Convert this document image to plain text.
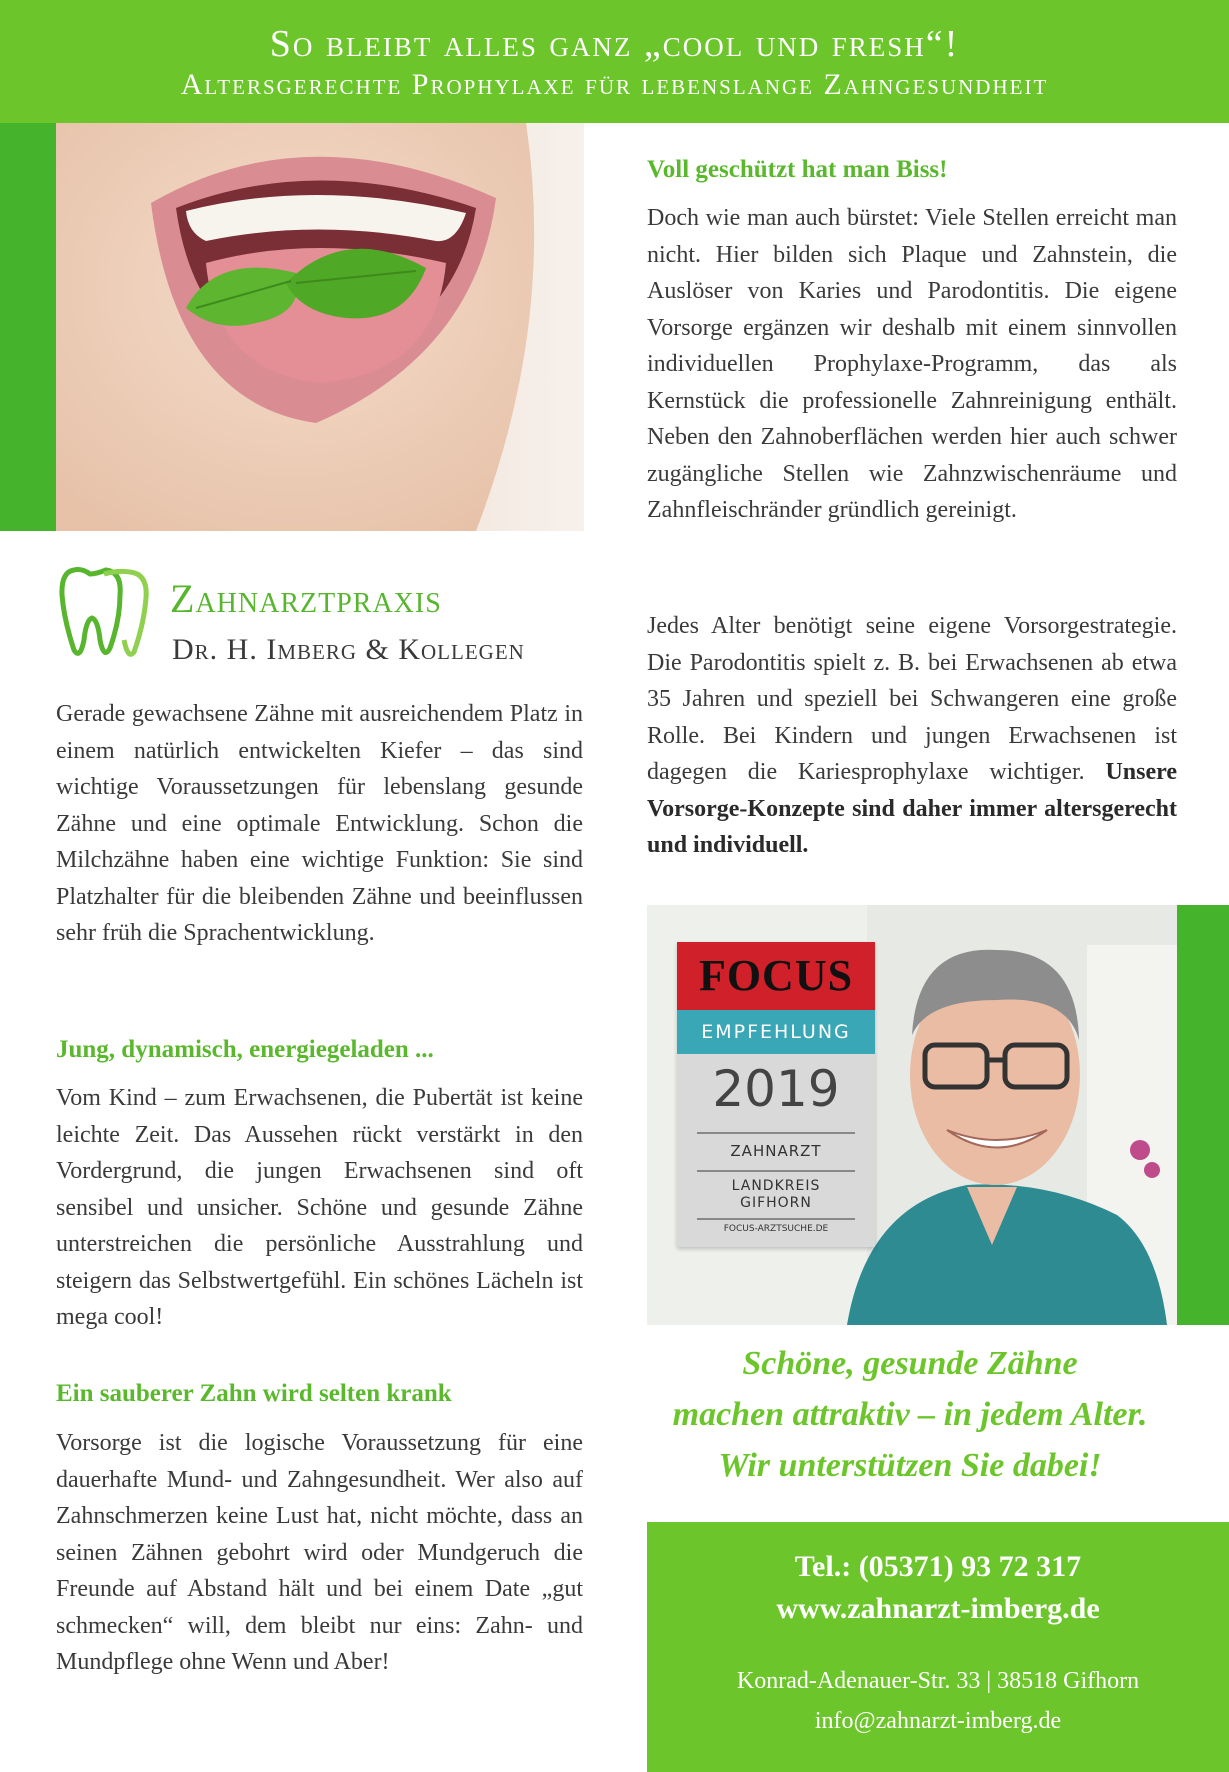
So bleibt alles ganz „cool und fresh“!
Altersgerechte Prophylaxe für lebenslange Zahngesundheit
Zahnarztpraxis
Dr. H. Imberg & Kollegen

Gerade gewachsene Zähne mit ausreichendem Platz in einem natürlich entwickelten Kiefer – das sind wichtige Voraussetzungen für lebenslang gesunde Zähne und eine optimale Entwicklung. Schon die Milchzähne haben eine wichtige Funktion: Sie sind Platzhalter für die bleibenden Zähne und beeinflussen sehr früh die Sprachentwicklung.

Jung, dynamisch, energiegeladen ...

Vom Kind – zum Erwachsenen, die Pubertät ist keine leichte Zeit. Das Aussehen rückt verstärkt in den Vordergrund, die jungen Erwachsenen sind oft sensibel und unsicher. Schöne und gesunde Zähne unterstreichen die persönliche Ausstrahlung und steigern das Selbstwertgefühl. Ein schönes Lächeln ist mega cool!

Ein sauberer Zahn wird selten krank

Vorsorge ist die logische Voraussetzung für eine dauerhafte Mund- und Zahngesundheit. Wer also auf Zahnschmerzen keine Lust hat, nicht möchte, dass an seinen Zähnen gebohrt wird oder Mundgeruch die Freunde auf Abstand hält und bei einem Date „gut schmecken“ will, dem bleibt nur eins: Zahn- und Mundpflege ohne Wenn und Aber!

Voll geschützt hat man Biss!

Doch wie man auch bürstet: Viele Stellen erreicht man nicht. Hier bilden sich Plaque und Zahnstein, die Auslöser von Karies und Parodontitis. Die eigene Vorsorge ergänzen wir deshalb mit einem sinnvollen individuellen Prophylaxe-Programm, das als Kernstück die professionelle Zahnreinigung enthält. Neben den Zahnoberflächen werden hier auch schwer zugängliche Stellen wie Zahnzwischenräume und Zahnfleischränder gründlich gereinigt.

Jedes Alter benötigt seine eigene Vorsorgestrategie. Die Parodontitis spielt z. B. bei Erwachsenen ab etwa 35 Jahren und speziell bei Schwangeren eine große Rolle. Bei Kindern und jungen Erwachsenen ist dagegen die Kariesprophylaxe wichtiger. Unsere Vorsorge-Konzepte sind daher immer altersgerecht und individuell.

FOCUS
EMPFEHLUNG
2019
ZAHNARZT
LANDKREIS
GIFHORN
FOCUS-ARZTSUCHE.DE
Schöne, gesunde Zähne
machen attraktiv – in jedem Alter.
Wir unterstützen Sie dabei!
Tel.: (05371) 93 72 317
www.zahnarzt-imberg.de
Konrad-Adenauer-Str. 33 | 38518 Gifhorn
info@zahnarzt-imberg.de
